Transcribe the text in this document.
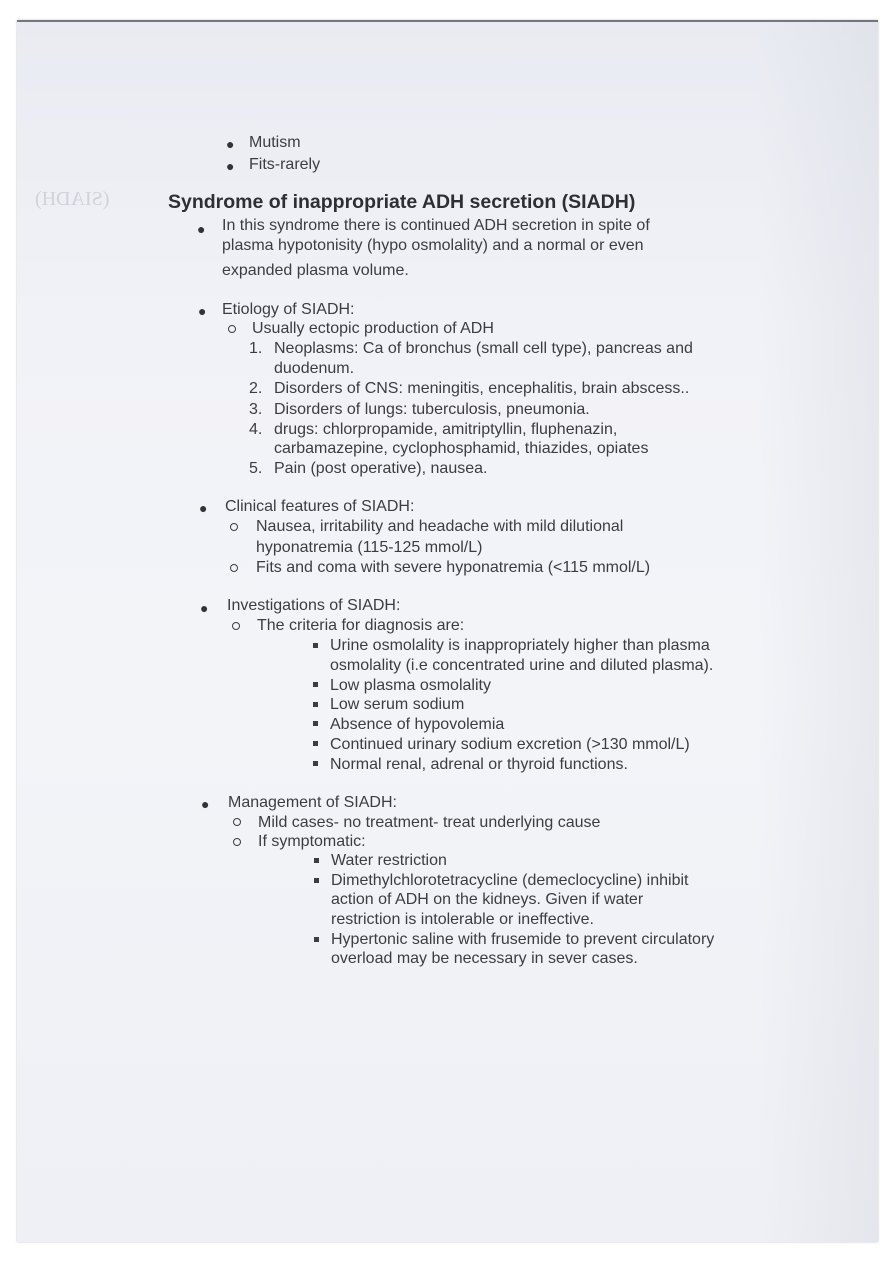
(SIADH)
● Mutism
● Fits-rarely
Syndrome of inappropriate ADH secretion (SIADH)
● In this syndrome there is continued ADH secretion in spite of
plasma hypotonisity (hypo osmolality) and a normal or even
expanded plasma volume.
● Etiology of SIADH:
Usually ectopic production of ADH
1. Neoplasms: Ca of bronchus (small cell type), pancreas and
duodenum.
2. Disorders of CNS: meningitis, encephalitis, brain abscess..
3. Disorders of lungs: tuberculosis, pneumonia.
4. drugs: chlorpropamide, amitriptyllin, fluphenazin,
carbamazepine, cyclophosphamid, thiazides, opiates
5. Pain (post operative), nausea.
● Clinical features of SIADH:
Nausea, irritability and headache with mild dilutional
hyponatremia (115-125 mmol/L)
Fits and coma with severe hyponatremia (<115 mmol/L)
● Investigations of SIADH:
The criteria for diagnosis are:
Urine osmolality is inappropriately higher than plasma
osmolality (i.e concentrated urine and diluted plasma).
Low plasma osmolality
Low serum sodium
Absence of hypovolemia
Continued urinary sodium excretion (>130 mmol/L)
Normal renal, adrenal or thyroid functions.
● Management of SIADH:
Mild cases- no treatment- treat underlying cause
If symptomatic:
Water restriction
Dimethylchlorotetracycline (demeclocycline) inhibit
action of ADH on the kidneys. Given if water
restriction is intolerable or ineffective.
Hypertonic saline with frusemide to prevent circulatory
overload may be necessary in sever cases.
